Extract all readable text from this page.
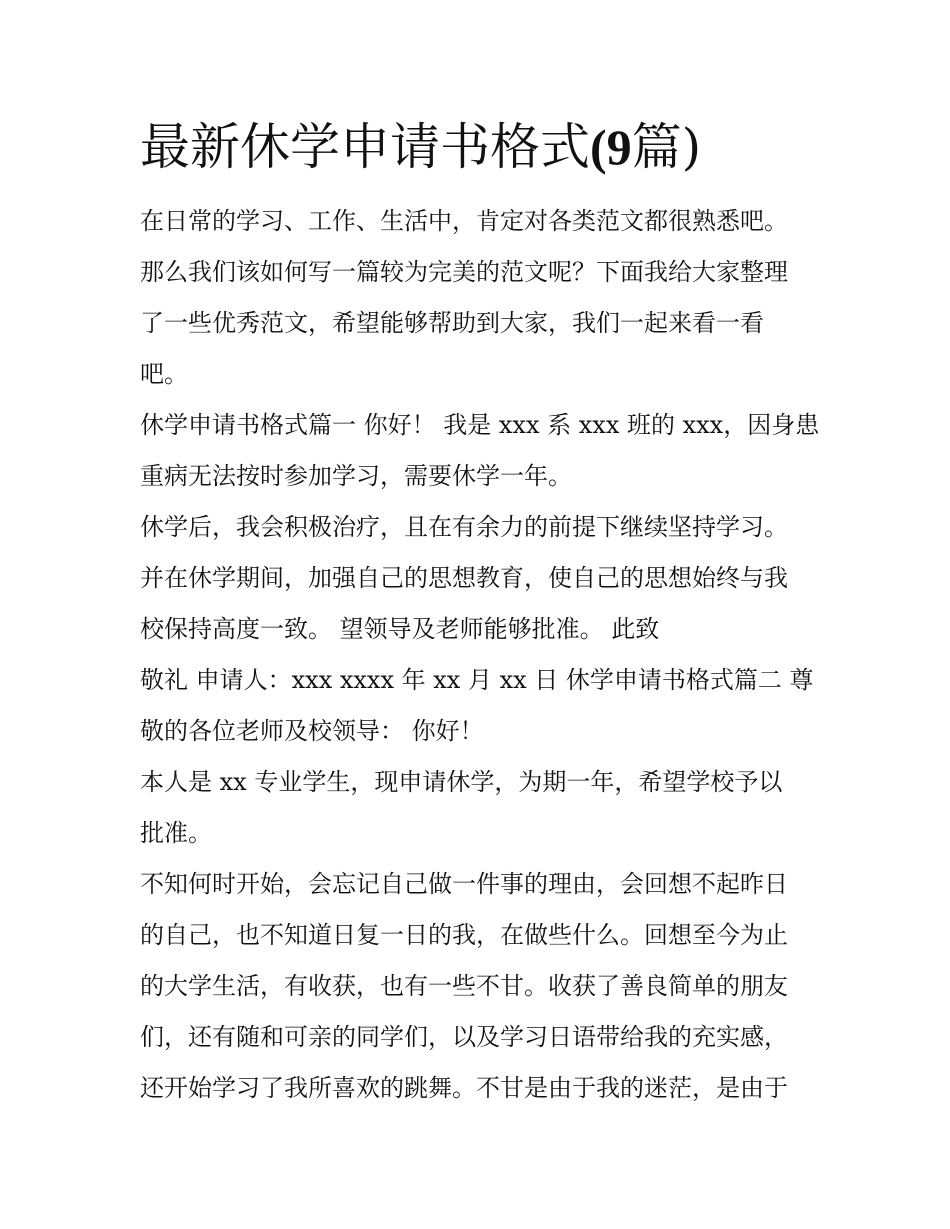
最新休学申请书格式(9篇)
在日常的学习、工作、生活中，肯定对各类范文都很熟悉吧。
那么我们该如何写一篇较为完美的范文呢？下面我给大家整理
了一些优秀范文，希望能够帮助到大家，我们一起来看一看
吧。
休学申请书格式篇一 你好！ 我是 xxx 系 xxx 班的 xxx，因身患
重病无法按时参加学习，需要休学一年。
休学后，我会积极治疗，且在有余力的前提下继续坚持学习。
并在休学期间，加强自己的思想教育，使自己的思想始终与我
校保持高度一致。 望领导及老师能够批准。 此致
敬礼 申请人：xxx xxxx 年 xx 月 xx 日 休学申请书格式篇二 尊
敬的各位老师及校领导： 你好！
本人是 xx 专业学生，现申请休学，为期一年，希望学校予以
批准。
不知何时开始，会忘记自己做一件事的理由，会回想不起昨日
的自己，也不知道日复一日的我，在做些什么。回想至今为止
的大学生活，有收获，也有一些不甘。收获了善良简单的朋友
们，还有随和可亲的同学们，以及学习日语带给我的充实感，
还开始学习了我所喜欢的跳舞。不甘是由于我的迷茫，是由于
